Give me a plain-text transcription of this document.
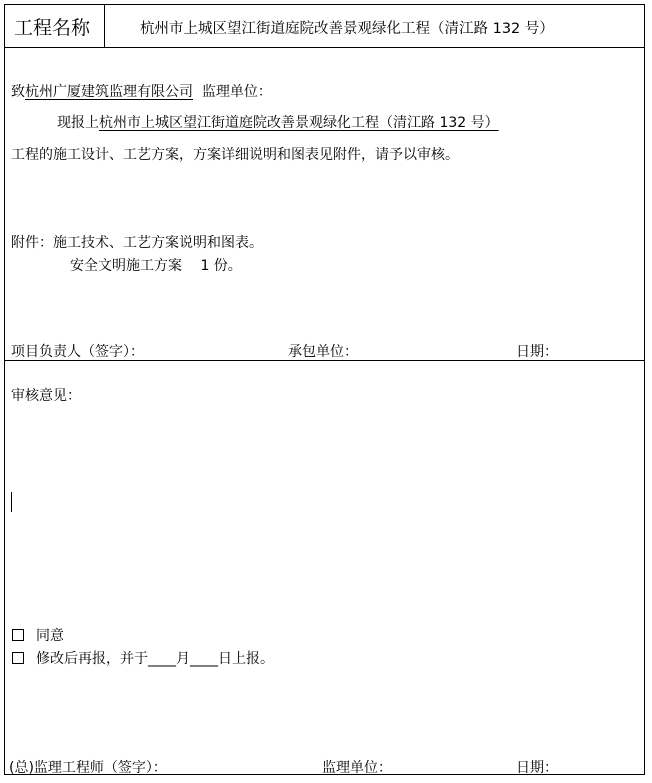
工程名称	杭州市上城区望江街道庭院改善景观绿化工程（清江路 132 号）
致杭州广厦建筑监理有限公司 监理单位：
现报上杭州市上城区望江街道庭院改善景观绿化工程（清江路 132 号）
工程的施工设计、工艺方案，方案详细说明和图表见附件，请予以审核。
附件：施工技术、工艺方案说明和图表。
安全文明施工方案　 1 份。
项目负责人（签字）：	承包单位：	日期：
审核意见：
同意
修改后再报，并于____月____日上报。
(总)监理工程师（签字）：	监理单位：	日期：
